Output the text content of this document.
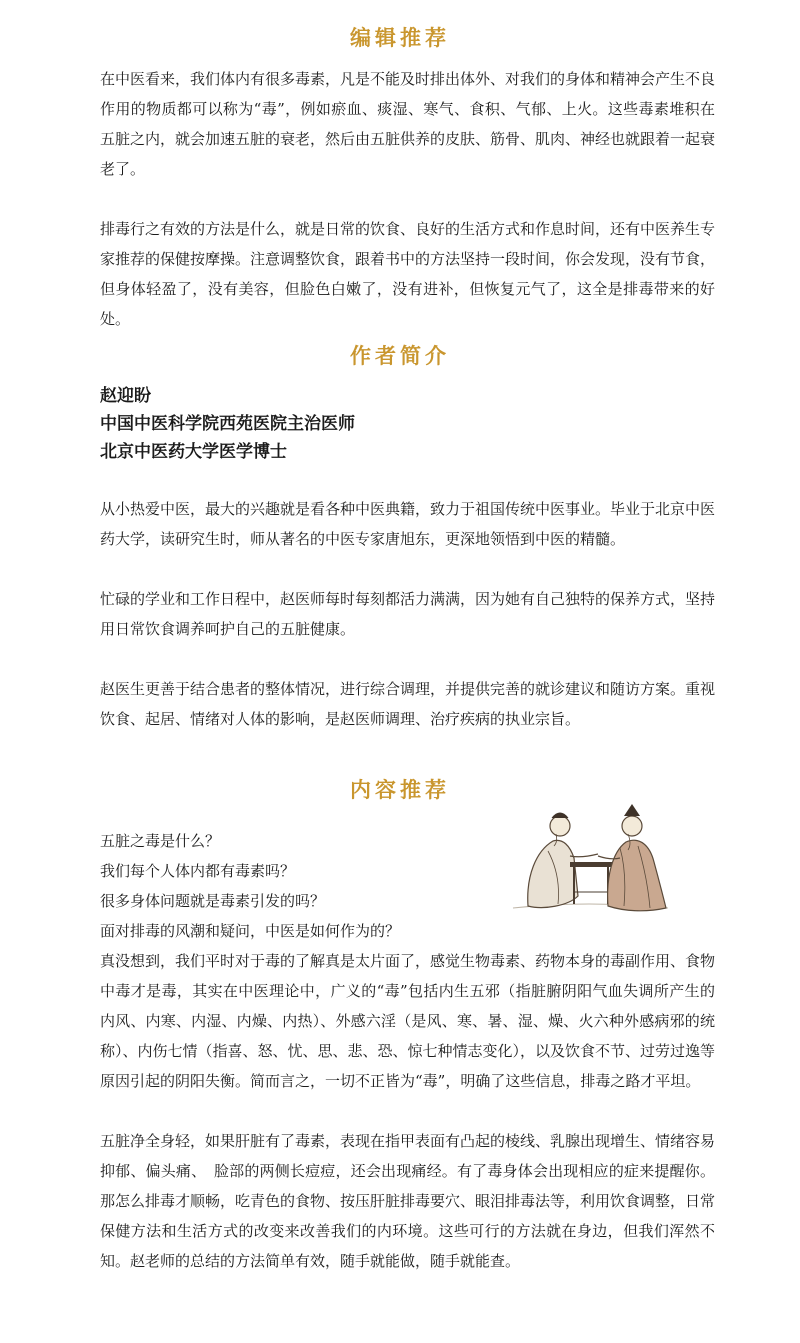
编辑推荐

在中医看来，我们体内有很多毒素，凡是不能及时排出体外、对我们的身体和精神会产生不良作用的物质都可以称为“毒”，例如瘀血、痰湿、寒气、食积、气郁、上火。这些毒素堆积在五脏之内，就会加速五脏的衰老，然后由五脏供养的皮肤、筋骨、肌肉、神经也就跟着一起衰老了。

排毒行之有效的方法是什么，就是日常的饮食、良好的生活方式和作息时间，还有中医养生专家推荐的保健按摩操。注意调整饮食，跟着书中的方法坚持一段时间，你会发现，没有节食，但身体轻盈了，没有美容，但脸色白嫩了，没有进补，但恢复元气了，这全是排毒带来的好处。

作者简介

赵迎盼

中国中医科学院西苑医院主治医师

北京中医药大学医学博士

从小热爱中医，最大的兴趣就是看各种中医典籍，致力于祖国传统中医事业。毕业于北京中医药大学，读研究生时，师从著名的中医专家唐旭东，更深地领悟到中医的精髓。

忙碌的学业和工作日程中，赵医师每时每刻都活力满满，因为她有自己独特的保养方式，坚持用日常饮食调养呵护自己的五脏健康。

赵医生更善于结合患者的整体情况，进行综合调理，并提供完善的就诊建议和随访方案。重视饮食、起居、情绪对人体的影响，是赵医师调理、治疗疾病的执业宗旨。

内容推荐
五脏之毒是什么？
我们每个人体内都有毒素吗？
很多身体问题就是毒素引发的吗？
面对排毒的风潮和疑问，中医是如何作为的？

真没想到，我们平时对于毒的了解真是太片面了，感觉生物毒素、药物本身的毒副作用、食物中毒才是毒，其实在中医理论中，广义的“毒”包括内生五邪（指脏腑阴阳气血失调所产生的内风、内寒、内湿、内燥、内热）、外感六淫（是风、寒、暑、湿、燥、火六种外感病邪的统称）、内伤七情（指喜、怒、忧、思、悲、恐、惊七种情志变化），以及饮食不节、过劳过逸等原因引起的阴阳失衡。简而言之，一切不正皆为“毒”，明确了这些信息，排毒之路才平坦。

五脏净全身轻，如果肝脏有了毒素，表现在指甲表面有凸起的棱线、乳腺出现增生、情绪容易抑郁、偏头痛、　脸部的两侧长痘痘，还会出现痛经。有了毒身体会出现相应的症来提醒你。那怎么排毒才顺畅，吃青色的食物、按压肝脏排毒要穴、眼泪排毒法等，利用饮食调整，日常保健方法和生活方式的改变来改善我们的内环境。这些可行的方法就在身边，但我们浑然不知。赵老师的总结的方法简单有效，随手就能做，随手就能查。
